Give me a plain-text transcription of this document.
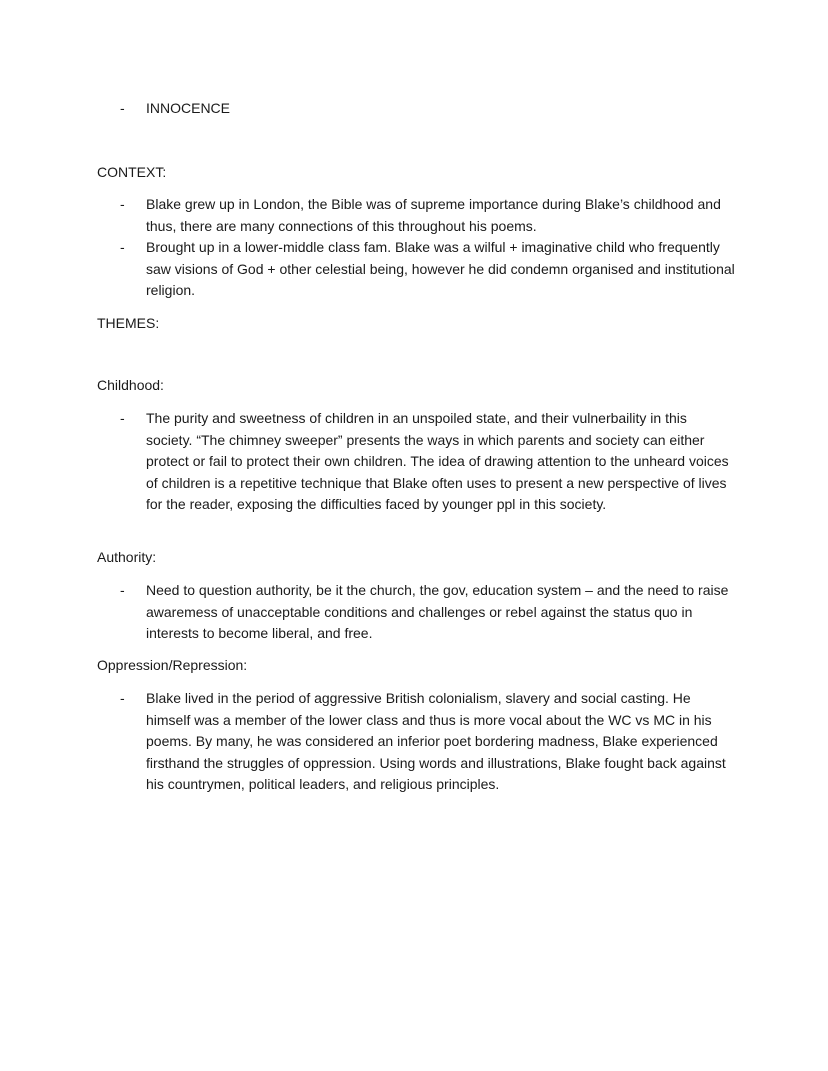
-	INNOCENCE

CONTEXT:

-	Blake grew up in London, the Bible was of supreme importance during Blake’s childhood and thus, there are many connections of this throughout his poems.

-	Brought up in a lower-middle class fam. Blake was a wilful + imaginative child who frequently saw visions of God + other celestial being, however he did condemn organised and institutional religion.

THEMES:

Childhood:

-	The purity and sweetness of children in an unspoiled state, and their vulnerbaility in this society. “The chimney sweeper” presents the ways in which parents and society can either protect or fail to protect their own children. The idea of drawing attention to the unheard voices of children is a repetitive technique that Blake often uses to present a new perspective of lives for the reader, exposing the difficulties faced by younger ppl in this society.

Authority:

-	Need to question authority, be it the church, the gov, education system – and the need to raise awaremess of unacceptable conditions and challenges or rebel against the status quo in interests to become liberal, and free.

Oppression/Repression:

-	Blake lived in the period of aggressive British colonialism, slavery and social casting. He himself was a member of the lower class and thus is more vocal about the WC vs MC in his poems. By many, he was considered an inferior poet bordering madness, Blake experienced firsthand the struggles of oppression. Using words and illustrations, Blake fought back against his countrymen, political leaders, and religious principles.
